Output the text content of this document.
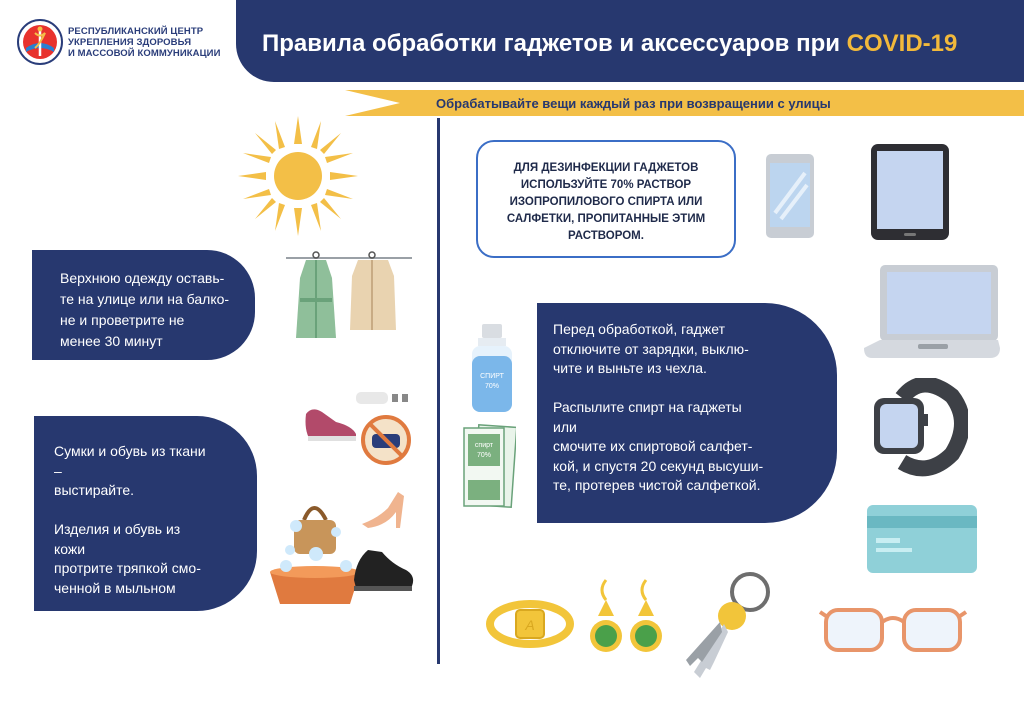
РЕСПУБЛИКАНСКИЙ ЦЕНТР
УКРЕПЛЕНИЯ ЗДОРОВЬЯ
И МАССОВОЙ КОММУНИКАЦИИ Правила обработки гаджетов и аксессуаров при COVID-19
Обрабатывайте вещи каждый раз при возвращении с улицы
Верхнюю одежду оставь-
те на улице или на балко-
не и проветрите не
менее 30 минут
Сумки и обувь из ткани
–
выстирайте.
Изделия и обувь из
кожи
протрите тряпкой смо-
ченной в мыльном
ДЛЯ ДЕЗИНФЕКЦИИ ГАДЖЕТОВ
ИСПОЛЬЗУЙТЕ 70% РАСТВОР
ИЗОПРОПИЛОВОГО СПИРТА ИЛИ
САЛФЕТКИ, ПРОПИТАННЫЕ ЭТИМ
РАСТВОРОМ.
СПИРТ
70%
спирт
70%
Перед обработкой, гаджет
отключите от зарядки, выклю-
чите и выньте из чехла.
Распылите спирт на гаджеты
или
смочите их спиртовой салфет-
кой, и спустя 20 секунд высуши-
те, протерев чистой салфеткой.
A
